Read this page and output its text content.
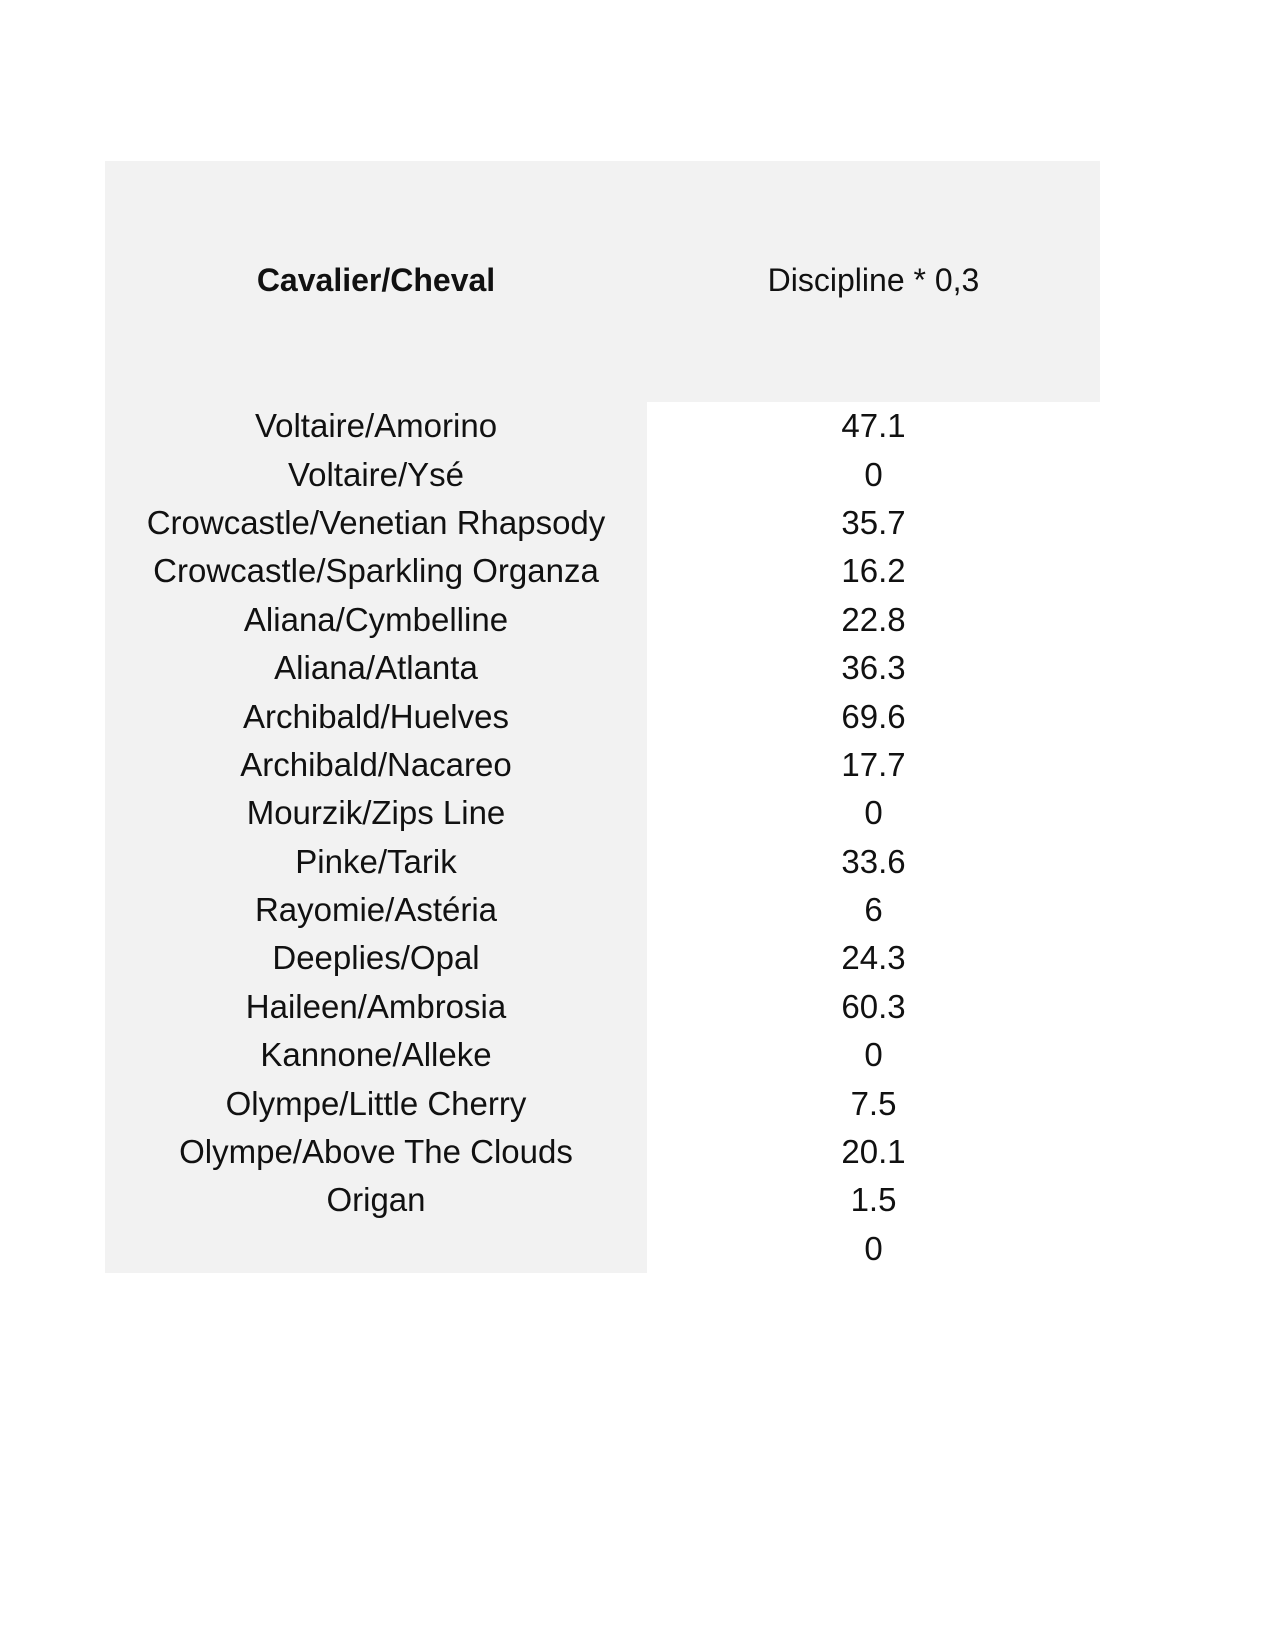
Cavalier/Cheval	Discipline * 0,3
Voltaire/Amorino
Voltaire/Ysé
Crowcastle/Venetian Rhapsody
Crowcastle/Sparkling Organza
Aliana/Cymbelline
Aliana/Atlanta
Archibald/Huelves
Archibald/Nacareo
Mourzik/Zips Line
Pinke/Tarik
Rayomie/Astéria
Deeplies/Opal
Haileen/Ambrosia
Kannone/Alleke
Olympe/Little Cherry
Olympe/Above The Clouds
Origan
47.1
0
35.7
16.2
22.8
36.3
69.6
17.7
0
33.6
6
24.3
60.3
0
7.5
20.1
1.5
0
